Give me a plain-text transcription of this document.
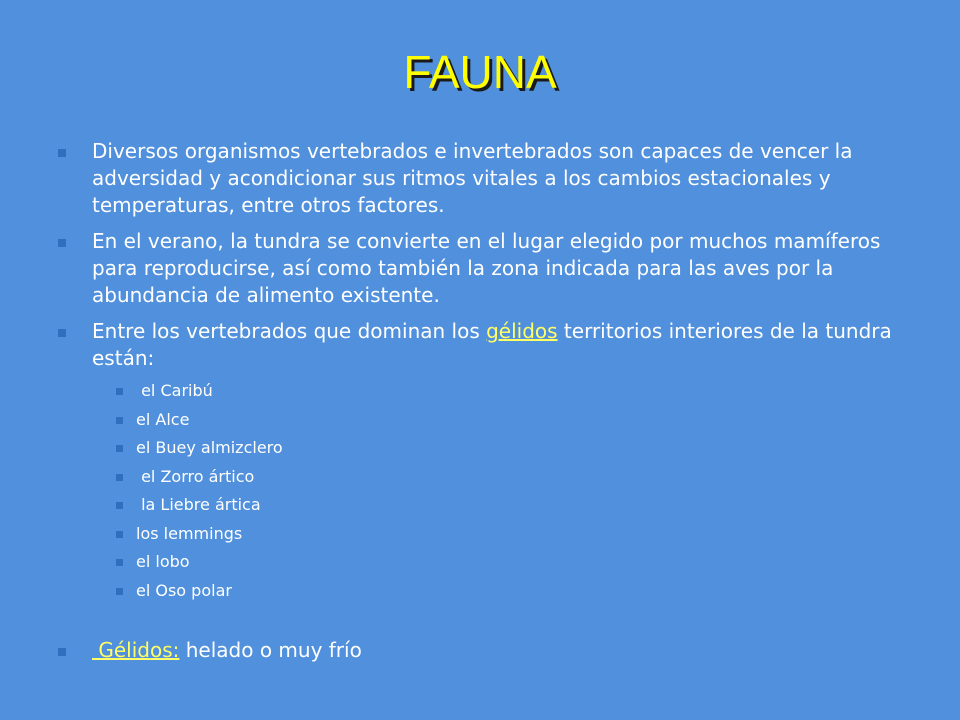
FAUNA
Diversos organismos vertebrados e invertebrados son capaces de vencer la adversidad y acondicionar sus ritmos vitales a los cambios estacionales y temperaturas, entre otros factores.
En el verano, la tundra se convierte en el lugar elegido por muchos mamíferos para reproducirse, así como también la zona indicada para las aves por la abundancia de alimento existente.
Entre los vertebrados que dominan los gélidos territorios interiores de la tundra están:
el Caribú
el Alce
el Buey almizclero
el Zorro ártico
la Liebre ártica
los lemmings
el lobo
el Oso polar
Gélidos: helado o muy frío
